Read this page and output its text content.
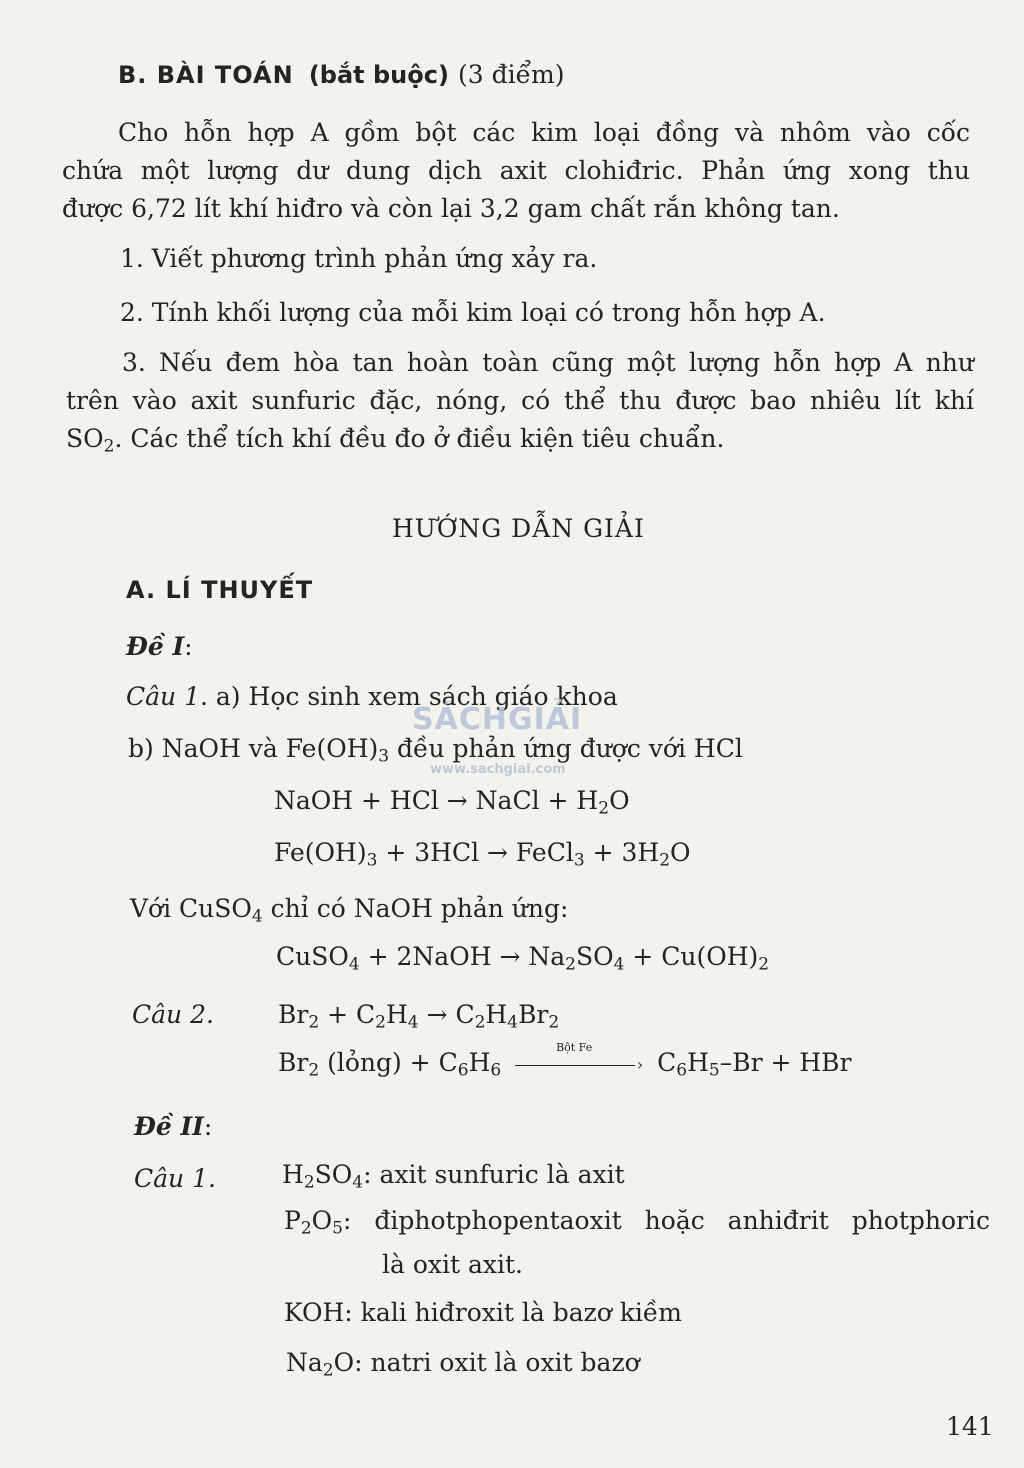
B. BÀI TOÁN (bắt buộc) (3 điểm)
Cho hỗn hợp A gồm bột các kim loại đồng và nhôm vào cốc
chứa một lượng dư dung dịch axit clohiđric. Phản ứng xong thu
được 6,72 lít khí hiđro và còn lại 3,2 gam chất rắn không tan.
1. Viết phương trình phản ứng xảy ra.
2. Tính khối lượng của mỗi kim loại có trong hỗn hợp A.
3. Nếu đem hòa tan hoàn toàn cũng một lượng hỗn hợp A như
trên vào axit sunfuric đặc, nóng, có thể thu được bao nhiêu lít khí
$SO_2$. Các thể tích khí đều đo ở điều kiện tiêu chuẩn.
HƯỚNG DẪN GIẢI
A. LÍ THUYẾT
Đề I:
Câu 1. a) Học sinh xem sách giáo khoa
b) NaOH và $Fe(OH)_3$ đều phản ứng được với HCl
NaOH + HCl → NaCl + $H_2O$
$Fe(OH)_3 + 3HCl$ → FeCl$_3$ + $3H_2O$
Với CuSO$_4$ chỉ có NaOH phản ứng:
CuSO$_4$ + 2NaOH → $Na_2SO_4 + Cu(OH)_2$
Câu 2.	$Br_2 + C_2H_4 \to C_2H_4Br_2$
$Br_2$ (lỏng) + $C_6H_6$
Bột Fe
› $C_6H_5-Br$ + HBr
Đề II:
Câu 1.	$H_2SO_4$: axit sunfuric là axit
$P_2O_5$: điphotphopentaoxit hoặc anhiđrit photphoric
là oxit axit.
KOH: kali hiđroxit là bazơ kiềm
$Na_2O$: natri oxit là oxit bazơ
SÁCHGIẢI
www.sachgiai.com
141
